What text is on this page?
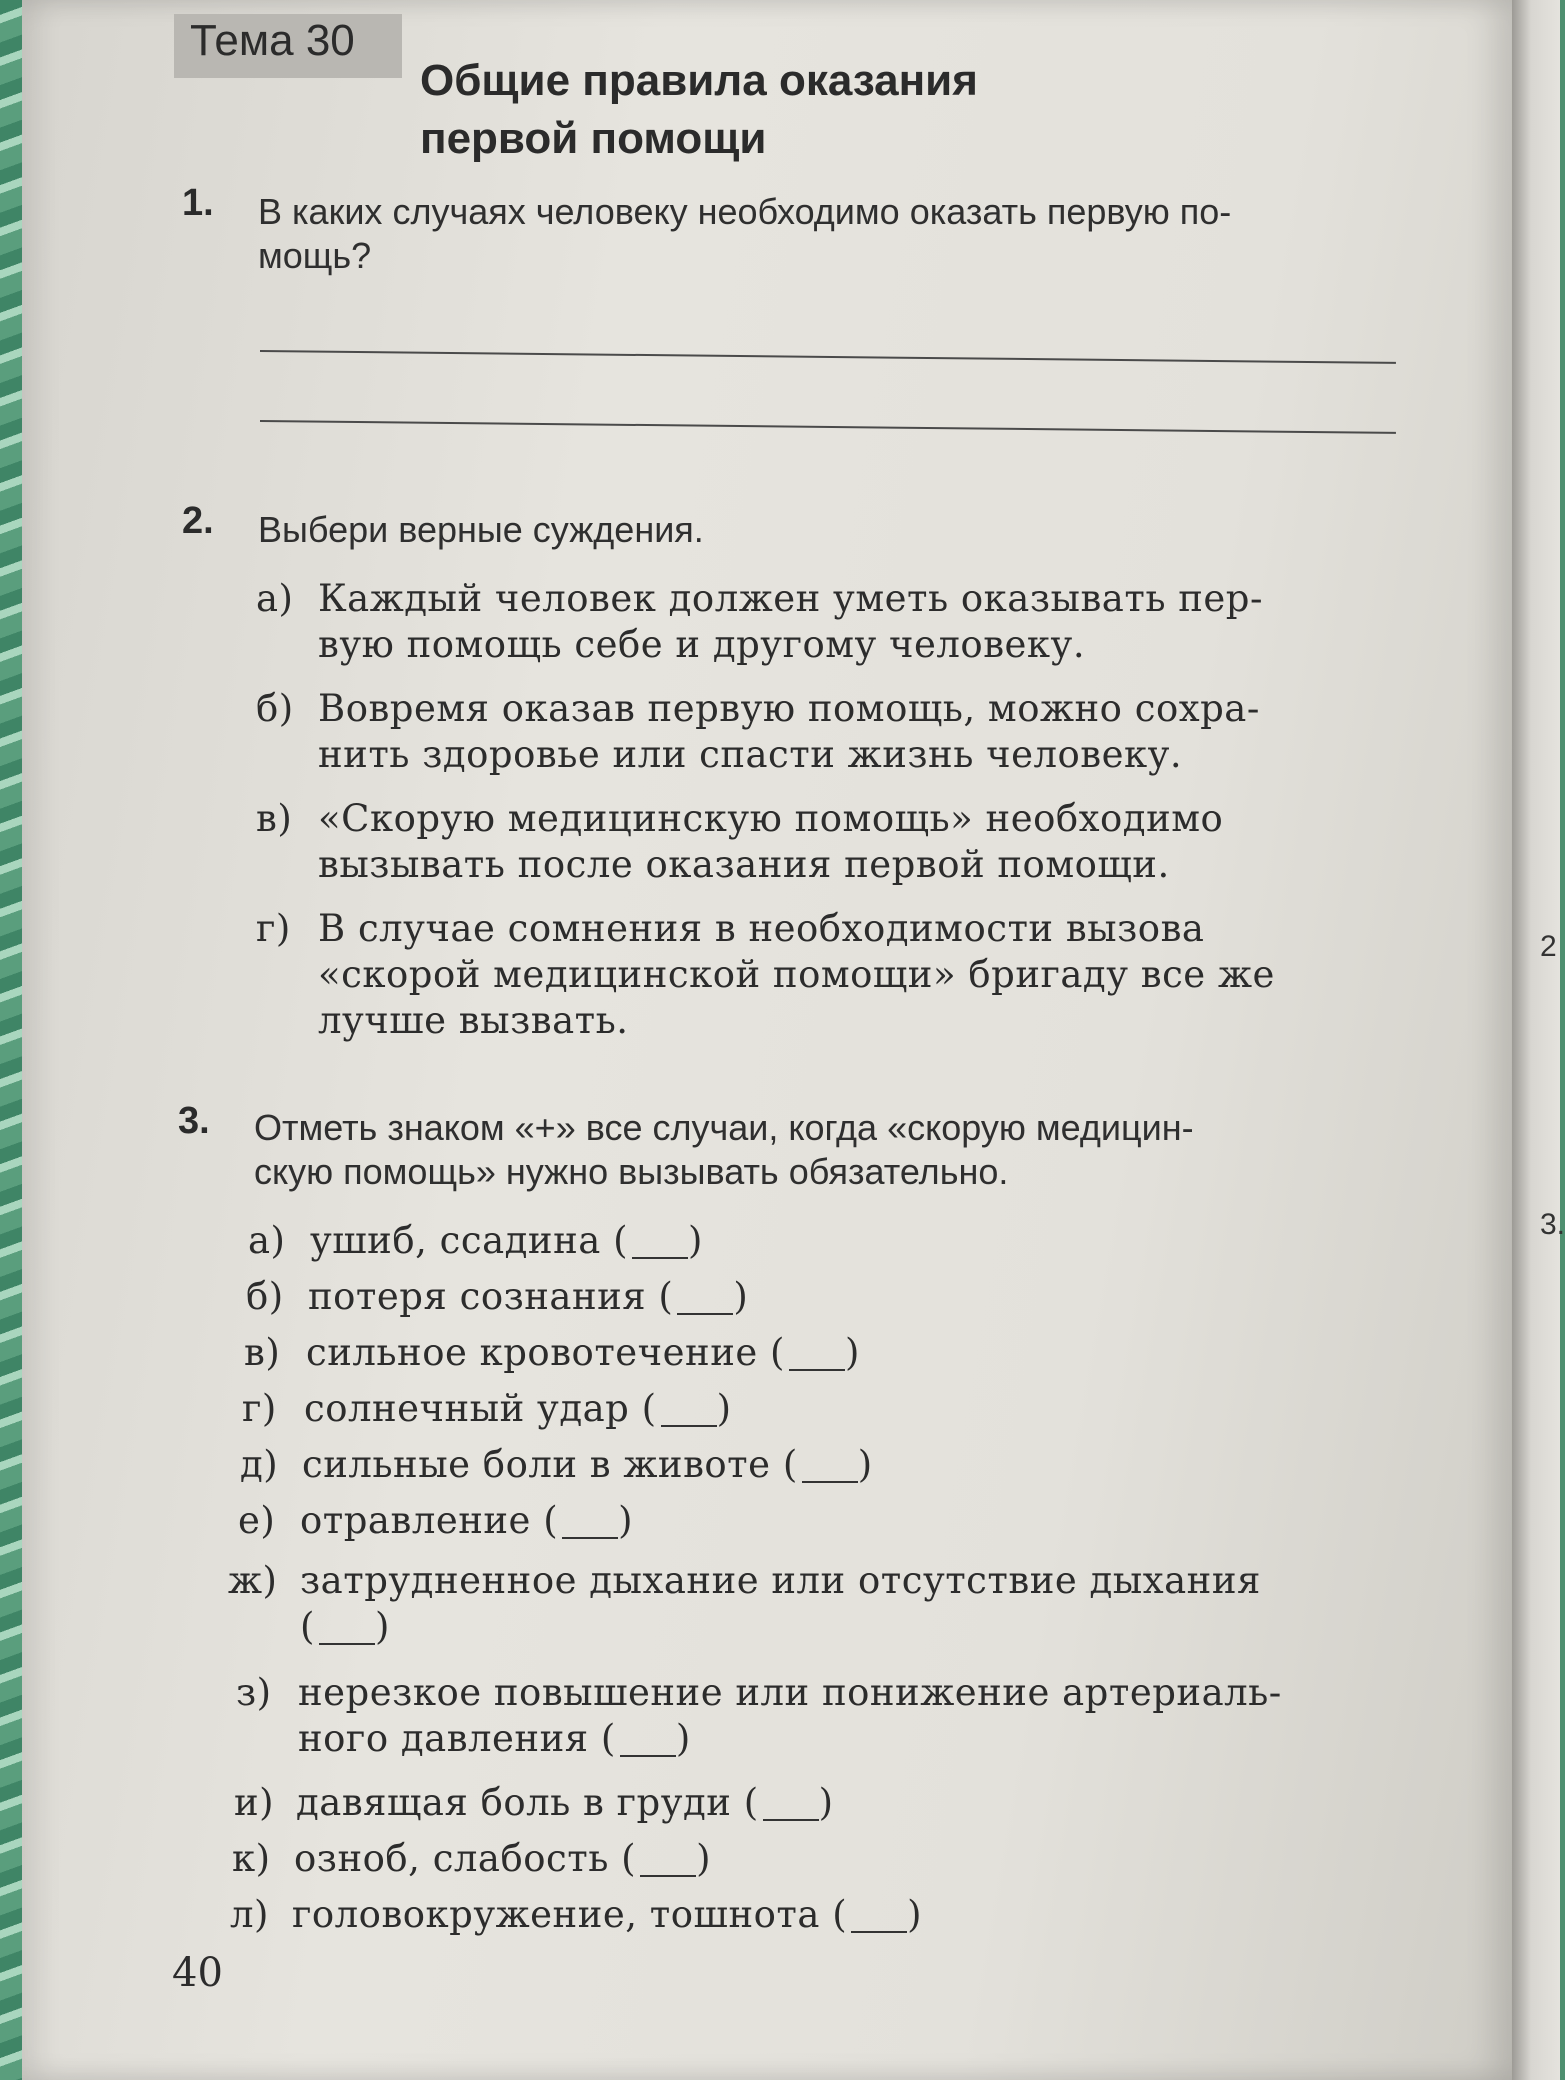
2
3.
Тема 30
Общие правила оказания
первой помощи
1. В каких случаях человеку необходимо оказать первую по-
мощь?
2. Выбери верные суждения.
а) Каждый человек должен уметь оказывать пер-
вую помощь себе и другому человеку.
б) Вовремя оказав первую помощь, можно сохра-
нить здоровье или спасти жизнь человеку.
в) «Скорую медицинскую помощь» необходимо
вызывать после оказания первой помощи.
г) В случае сомнения в необходимости вызова
«скорой медицинской помощи» бригаду все же
лучше вызвать.
3. Отметь знаком «+» все случаи, когда «скорую медицин-
скую помощь» нужно вызывать обязательно.
а) ушиб, ссадина ( )
б) потеря сознания ( )
в) сильное кровотечение ( )
г) солнечный удар ( )
д) сильные боли в животе ( )
е) отравление ( )
ж) затрудненное дыхание или отсутствие дыхания
( )
з) нерезкое повышение или понижение артериаль-
ного давления ( )
и) давящая боль в груди ( )
к) озноб, слабость ( )
л) головокружение, тошнота ( )
40
